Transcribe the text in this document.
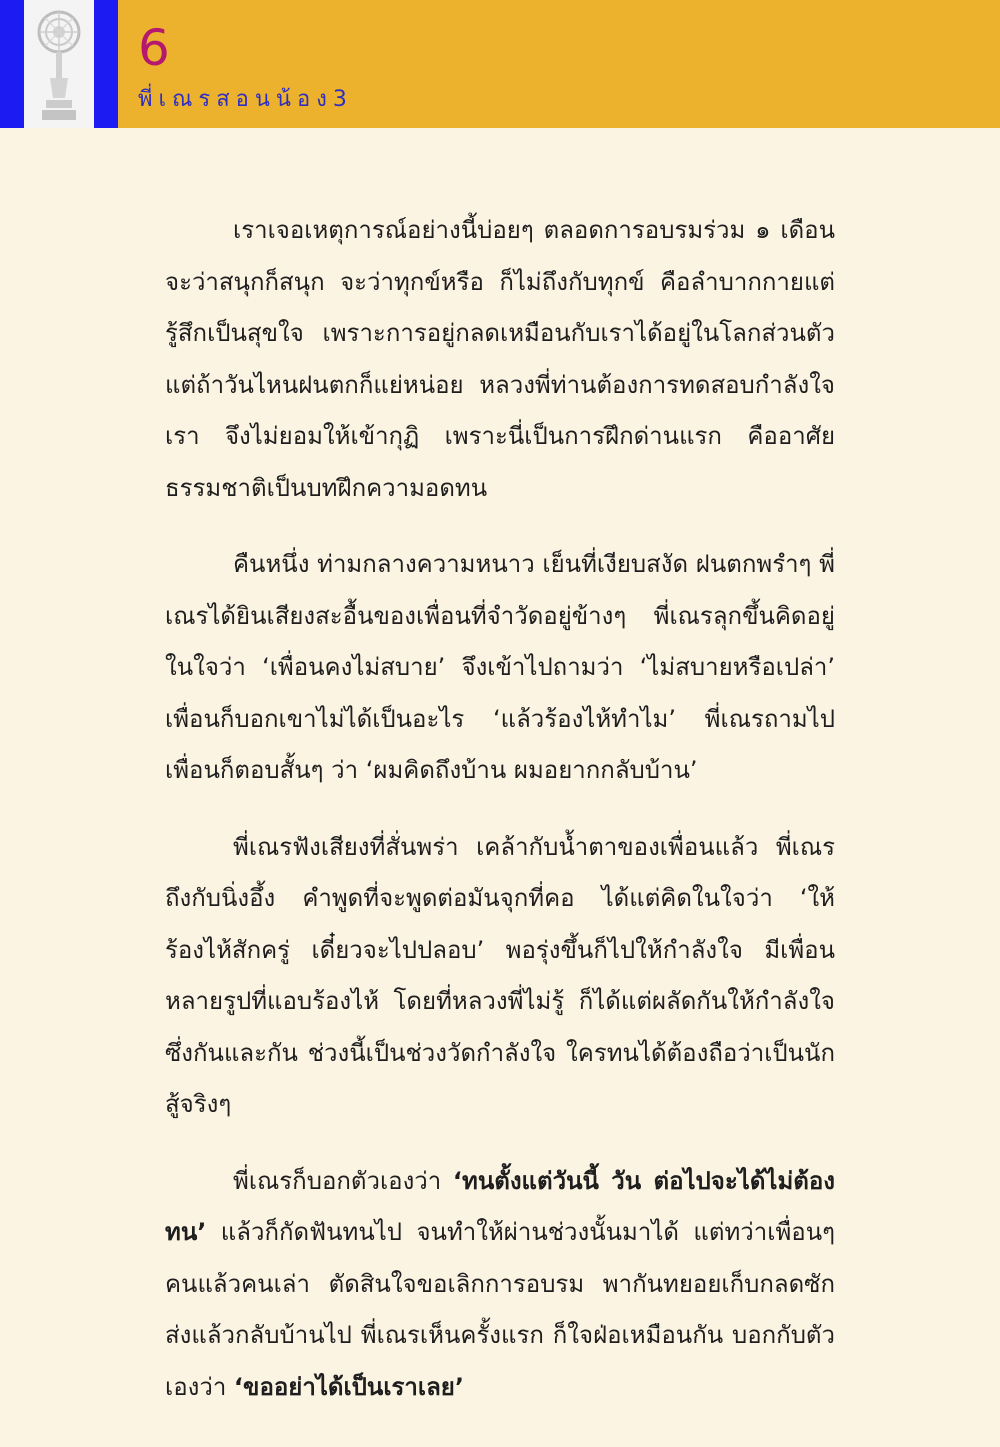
6
พี่เณรสอนน้อง3

เราเจอเหตุการณ์อย่างนี้บ่อยๆ ตลอดการอบรมร่วม ๑ เดือน จะว่าสนุกก็สนุก จะว่าทุกข์หรือ ก็ไม่ถึงกับทุกข์ คือลำบากกายแต่รู้สึกเป็นสุขใจ เพราะการอยู่กลดเหมือนกับเราได้อยู่ในโลกส่วนตัว แต่ถ้าวันไหนฝนตกก็แย่หน่อย หลวงพี่ท่านต้องการทดสอบกำลังใจเรา จึงไม่ยอมให้เข้ากุฏิ เพราะนี่เป็นการฝึกด่านแรก คืออาศัยธรรมชาติเป็นบทฝึกความอดทน

คืนหนึ่ง ท่ามกลางความหนาว เย็นที่เงียบสงัด ฝนตกพรำๆ พี่เณรได้ยินเสียงสะอื้นของเพื่อนที่จำวัดอยู่ข้างๆ พี่เณรลุกขึ้นคิดอยู่ในใจว่า ‘เพื่อนคงไม่สบาย’ จึงเข้าไปถามว่า ‘ไม่สบายหรือเปล่า’ เพื่อนก็บอกเขาไม่ได้เป็นอะไร ‘แล้วร้องไห้ทำไม’ พี่เณรถามไป เพื่อนก็ตอบสั้นๆ ว่า ‘ผมคิดถึงบ้าน ผมอยากกลับบ้าน’

พี่เณรฟังเสียงที่สั่นพร่า เคล้ากับน้ำตาของเพื่อนแล้ว พี่เณรถึงกับนิ่งอึ้ง คำพูดที่จะพูดต่อมันจุกที่คอ ได้แต่คิดในใจว่า ‘ให้ร้องไห้สักครู่ เดี๋ยวจะไปปลอบ’ พอรุ่งขึ้นก็ไปให้กำลังใจ มีเพื่อนหลายรูปที่แอบร้องไห้ โดยที่หลวงพี่ไม่รู้ ก็ได้แต่ผลัดกันให้กำลังใจซึ่งกันและกัน ช่วงนี้เป็นช่วงวัดกำลังใจ ใครทนได้ต้องถือว่าเป็นนักสู้จริงๆ

พี่เณรก็บอกตัวเองว่า ‘ทนตั้งแต่วันนี้ วัน ต่อไปจะได้ไม่ต้องทน’ แล้วก็กัดฟันทนไป จนทำให้ผ่านช่วงนั้นมาได้ แต่ทว่าเพื่อนๆ คนแล้วคนเล่า ตัดสินใจขอเลิกการอบรม พากันทยอยเก็บกลดซักส่งแล้วกลับบ้านไป พี่เณรเห็นครั้งแรก ก็ใจฝ่อเหมือนกัน บอกกับตัวเองว่า ‘ขออย่าได้เป็นเราเลย’
